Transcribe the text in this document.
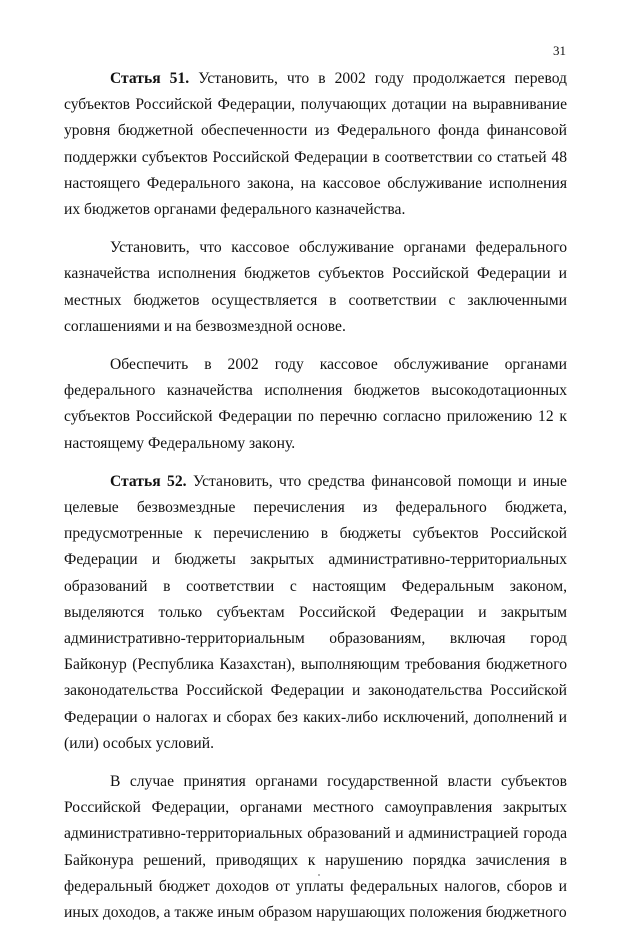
31

Статья 51. Установить, что в 2002 году продолжается перевод субъектов Российской Федерации, получающих дотации на выравнивание уровня бюджетной обеспеченности из Федерального фонда финансовой поддержки субъектов Российской Федерации в соответствии со статьей 48 настоящего Федерального закона, на кассовое обслуживание исполнения их бюджетов органами федерального казначейства.

Установить, что кассовое обслуживание органами федерального казначейства исполнения бюджетов субъектов Российской Федерации и местных бюджетов осуществляется в соответствии с заключенными соглашениями и на безвозмездной основе.

Обеспечить в 2002 году кассовое обслуживание органами федерального казначейства исполнения бюджетов высокодотационных субъектов Российской Федерации по перечню согласно приложению 12 к настоящему Федеральному закону.

Статья 52. Установить, что средства финансовой помощи и иные целевые безвозмездные перечисления из федерального бюджета, предусмотренные к перечислению в бюджеты субъектов Российской Федерации и бюджеты закрытых административно-территориальных образований в соответствии с настоящим Федеральным законом, выделяются только субъектам Российской Федерации и закрытым административно-территориальным образованиям, включая город Байконур (Республика Казахстан), выполняющим требования бюджетного законодательства Российской Федерации и законодательства Российской Федерации о налогах и сборах без каких-либо исключений, дополнений и (или) особых условий.

В случае принятия органами государственной власти субъектов Российской Федерации, органами местного самоуправления закрытых административно-территориальных образований и администрацией города Байконура решений, приводящих к нарушению порядка зачисления в федеральный бюджет доходов от уплаты федеральных налогов, сборов и иных доходов, а также иным образом нарушающих положения бюджетного
